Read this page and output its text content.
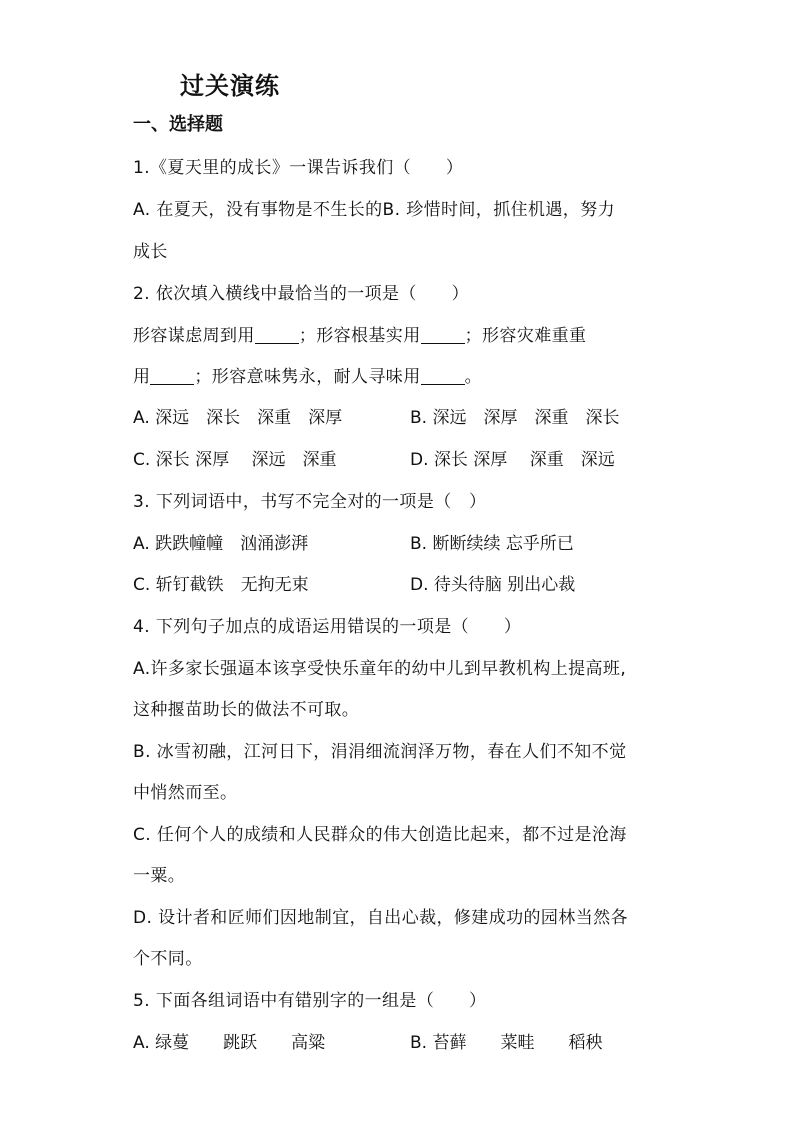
过关演练
一、选择题
1.《夏天里的成长》一课告诉我们（　　）
A. 在夏天，没有事物是不生长的B. 珍惜时间，抓住机遇，努力
成长
2. 依次填入横线中最恰当的一项是（　　）
形容谋虑周到用	；形容根基实用	；形容灾难重重
用	；形容意味隽永，耐人寻味用	。
A. 深远　深长　深重　深厚	B. 深远　深厚　深重　深长
C. 深长 深厚　 深远　深重	D. 深长 深厚　 深重　深远
3. 下列词语中，书写不完全对的一项是（　）
A. 跌跌幢幢　汹涌澎湃	B. 断断续续 忘乎所已
C. 斩钉截铁　无拘无束	D. 待头待脑 别出心裁
4. 下列句子加点的成语运用错误的一项是（　　）
A.许多家长强逼本该享受快乐童年的幼中儿到早教机构上提高班,
这种揠苗助长的做法不可取。
B. 冰雪初融，江河日下，涓涓细流润泽万物，春在人们不知不觉
中悄然而至。
C. 任何个人的成绩和人民群众的伟大创造比起来，都不过是沧海
一粟。
D. 设计者和匠师们因地制宜，自出心裁，修建成功的园林当然各
个不同。
5. 下面各组词语中有错别字的一组是（　　）
A. 绿蔓　　跳跃　　高粱	B. 苔藓　　菜畦　　稻秧
